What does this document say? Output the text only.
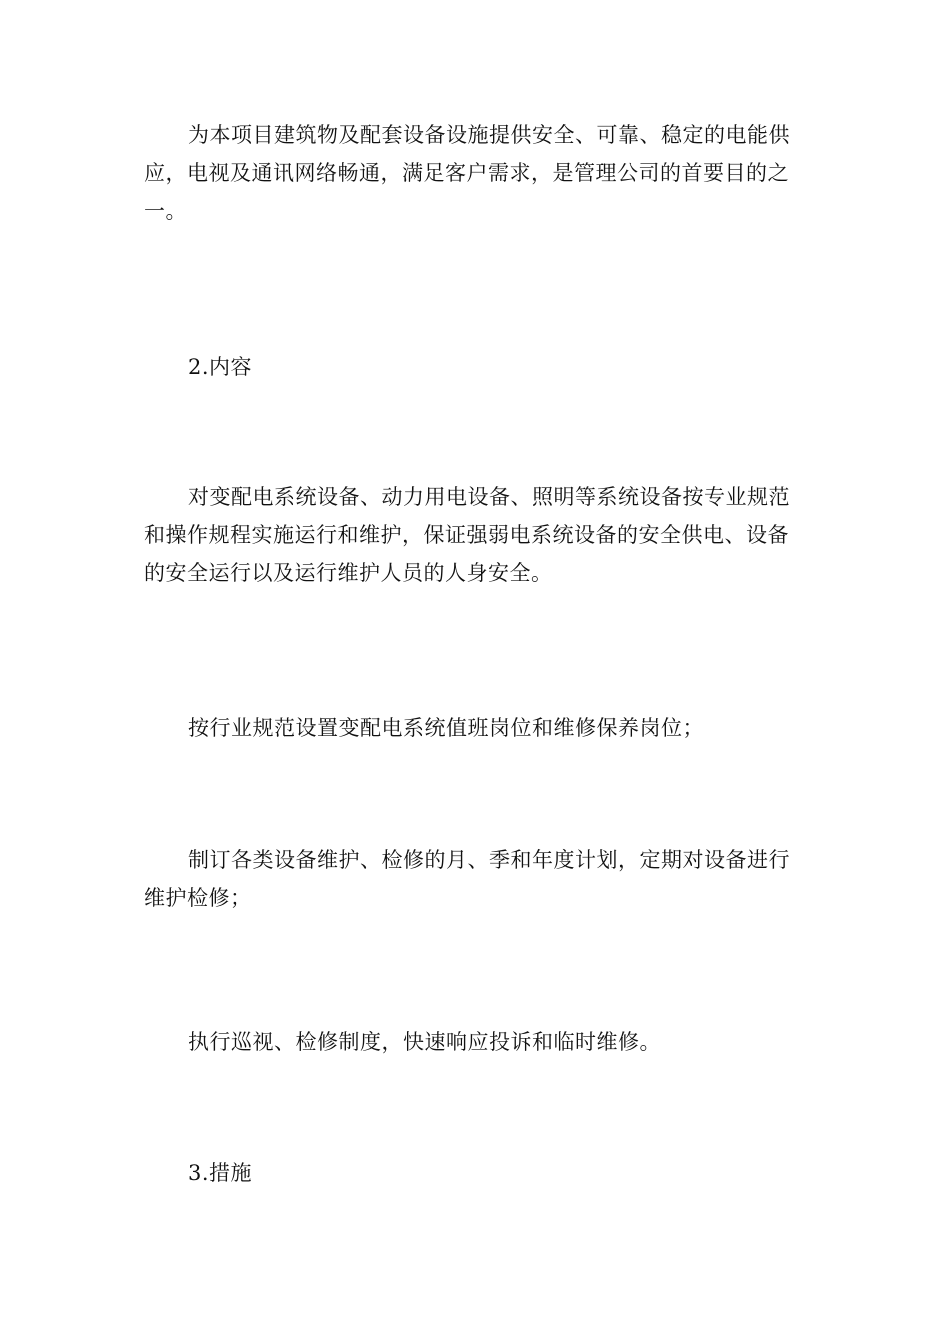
为本项目建筑物及配套设备设施提供安全、可靠、稳定的电能供应，电视及通讯网络畅通，满足客户需求，是管理公司的首要目的之一。

2.内容

对变配电系统设备、动力用电设备、照明等系统设备按专业规范和操作规程实施运行和维护，保证强弱电系统设备的安全供电、设备的安全运行以及运行维护人员的人身安全。

按行业规范设置变配电系统值班岗位和维修保养岗位；

制订各类设备维护、检修的月、季和年度计划，定期对设备进行维护检修；

执行巡视、检修制度，快速响应投诉和临时维修。

3.措施
